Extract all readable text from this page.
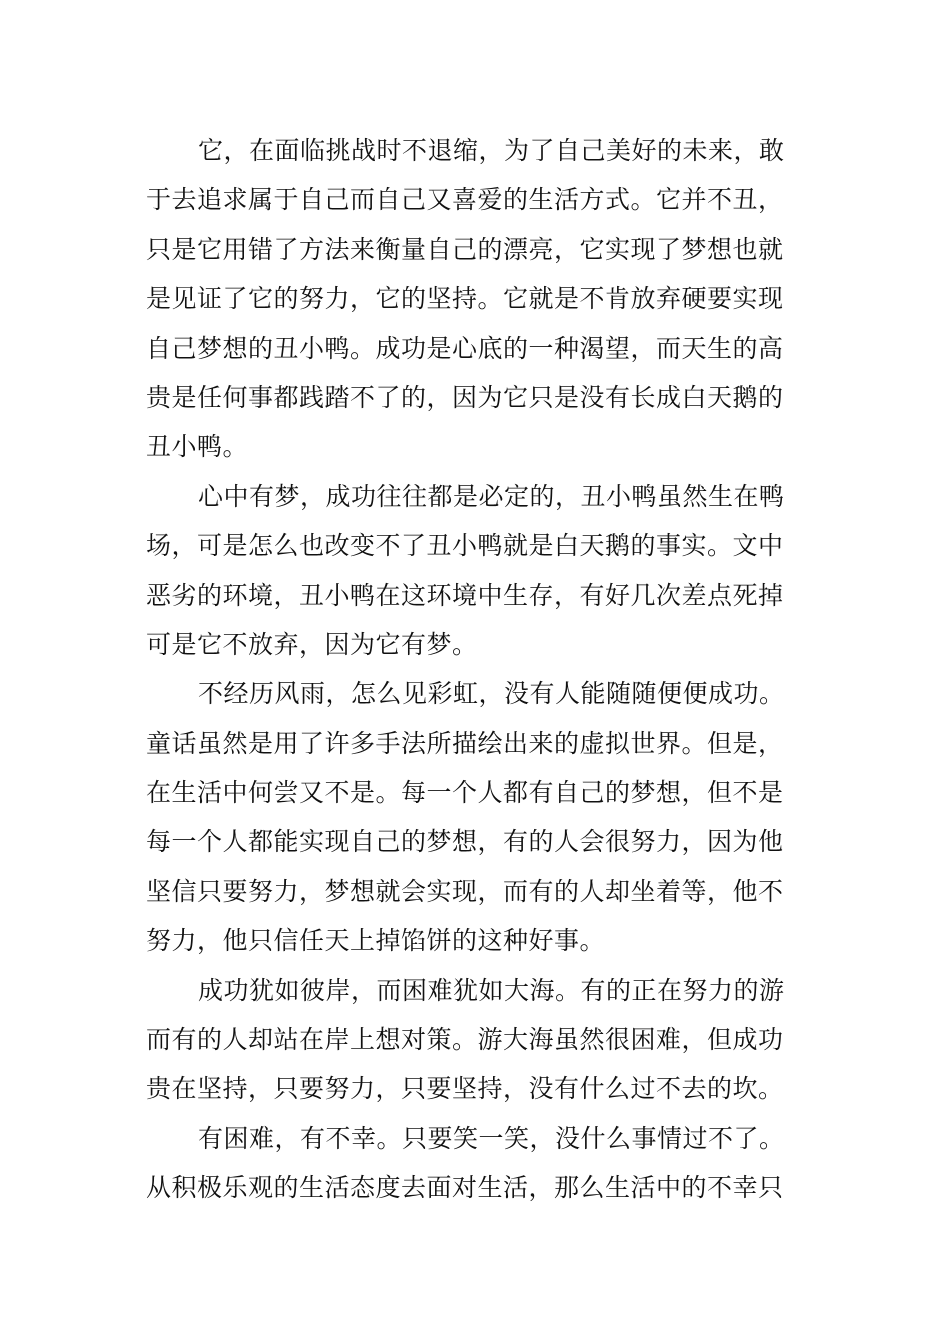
它，在面临挑战时不退缩，为了自己美好的未来，敢
于去追求属于自己而自己又喜爱的生活方式。它并不丑，
只是它用错了方法来衡量自己的漂亮，它实现了梦想也就
是见证了它的努力，它的坚持。它就是不肯放弃硬要实现
自己梦想的丑小鸭。成功是心底的一种渴望，而天生的高
贵是任何事都践踏不了的，因为它只是没有长成白天鹅的
丑小鸭。
心中有梦，成功往往都是必定的，丑小鸭虽然生在鸭
场，可是怎么也改变不了丑小鸭就是白天鹅的事实。文中
恶劣的环境，丑小鸭在这环境中生存，有好几次差点死掉
可是它不放弃，因为它有梦。
不经历风雨，怎么见彩虹，没有人能随随便便成功。
童话虽然是用了许多手法所描绘出来的虚拟世界。但是，
在生活中何尝又不是。每一个人都有自己的梦想，但不是
每一个人都能实现自己的梦想，有的人会很努力，因为他
坚信只要努力，梦想就会实现，而有的人却坐着等，他不
努力，他只信任天上掉馅饼的这种好事。
成功犹如彼岸，而困难犹如大海。有的正在努力的游
而有的人却站在岸上想对策。游大海虽然很困难，但成功
贵在坚持，只要努力，只要坚持，没有什么过不去的坎。
有困难，有不幸。只要笑一笑，没什么事情过不了。
从积极乐观的生活态度去面对生活，那么生活中的不幸只
